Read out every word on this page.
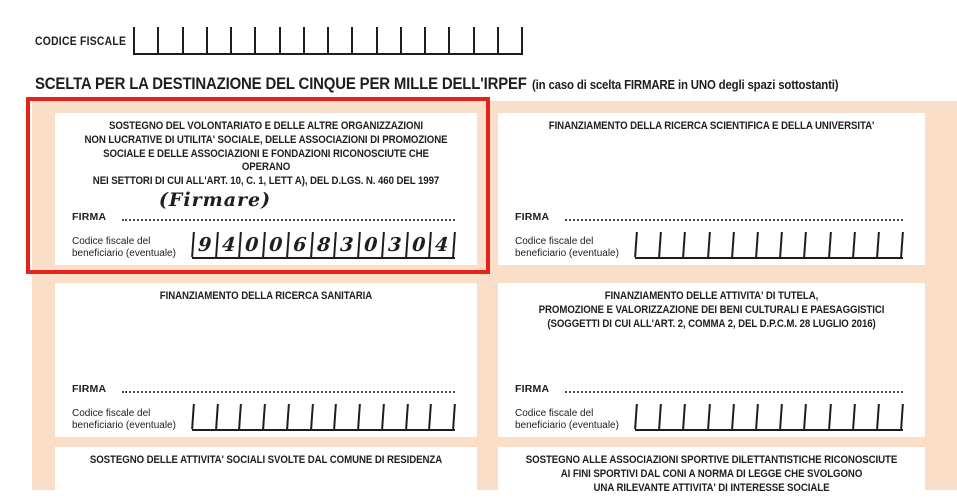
CODICE FISCALE
SCELTA PER LA DESTINAZIONE DEL CINQUE PER MILLE DELL'IRPEF (in caso di scelta FIRMARE in UNO degli spazi sottostanti)
SOSTEGNO DEL VOLONTARIATO E DELLE ALTRE ORGANIZZAZIONI
NON LUCRATIVE DI UTILITA' SOCIALE, DELLE ASSOCIAZIONI DI PROMOZIONE
SOCIALE E DELLE ASSOCIAZIONI E FONDAZIONI RICONOSCIUTE CHE OPERANO
NEI SETTORI DI CUI ALL'ART. 10, C. 1, LETT A), DEL D.LGS. N. 460 DEL 1997
(Firmare)
FIRMA
Codice fiscale del
beneficiario (eventuale)	9 4 0 0 6 8 3 0 3 0 4
FINANZIAMENTO DELLA RICERCA SCIENTIFICA E DELLA UNIVERSITA'
FIRMA
Codice fiscale del
beneficiario (eventuale)
FINANZIAMENTO DELLA RICERCA SANITARIA
FIRMA
Codice fiscale del
beneficiario (eventuale)
FINANZIAMENTO DELLE ATTIVITA' DI TUTELA,
PROMOZIONE E VALORIZZAZIONE DEI BENI CULTURALI E PAESAGGISTICI
(SOGGETTI DI CUI ALL'ART. 2, COMMA 2, DEL D.P.C.M. 28 LUGLIO 2016)
FIRMA
Codice fiscale del
beneficiario (eventuale)
SOSTEGNO DELLE ATTIVITA' SOCIALI SVOLTE DAL COMUNE DI RESIDENZA	SOSTEGNO ALLE ASSOCIAZIONI SPORTIVE DILETTANTISTICHE RICONOSCIUTE
AI FINI SPORTIVI DAL CONI A NORMA DI LEGGE CHE SVOLGONO
UNA RILEVANTE ATTIVITA' DI INTERESSE SOCIALE
